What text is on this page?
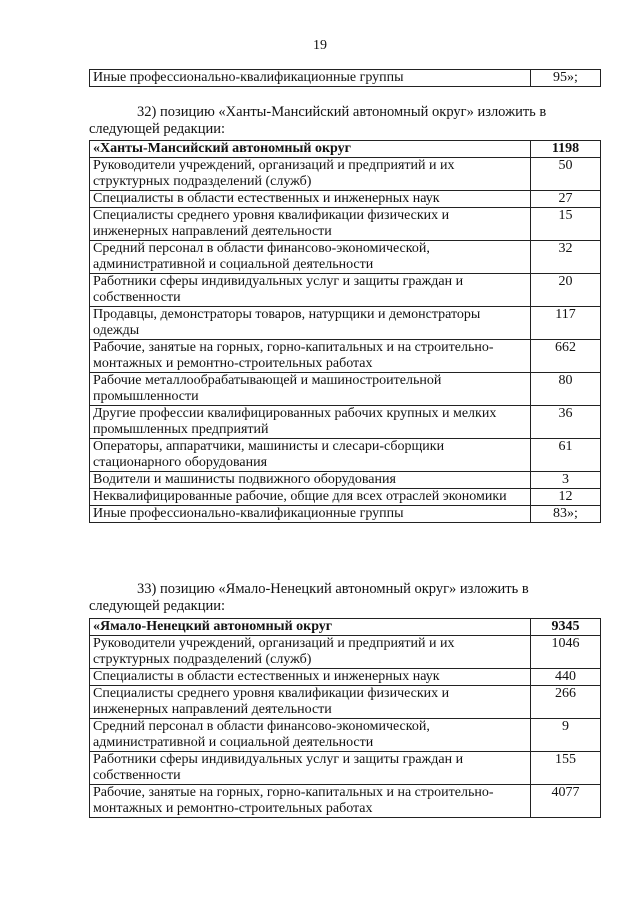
19
Иные профессионально-квалификационные группы	95»;
32) позицию «Ханты-Мансийский автономный округ» изложить в
следующей редакции:
«Ханты-Мансийский автономный округ	1198
Руководители учреждений, организаций и предприятий и их структурных подразделений (служб)	50
Специалисты в области естественных и инженерных наук	27
Специалисты среднего уровня квалификации физических и инженерных направлений деятельности	15
Средний персонал в области финансово-экономической, административной и социальной деятельности	32
Работники сферы индивидуальных услуг и защиты граждан и собственности	20
Продавцы, демонстраторы товаров, натурщики и демонстраторы одежды	117
Рабочие, занятые на горных, горно-капитальных и на строительно-монтажных и ремонтно-строительных работах	662
Рабочие металлообрабатывающей и машиностроительной промышленности	80
Другие профессии квалифицированных рабочих крупных и мелких промышленных предприятий	36
Операторы, аппаратчики, машинисты и слесари-сборщики стационарного оборудования	61
Водители и машинисты подвижного оборудования	3
Неквалифицированные рабочие, общие для всех отраслей экономики	12
Иные профессионально-квалификационные группы	83»;
33) позицию «Ямало-Ненецкий автономный округ» изложить в
следующей редакции:
«Ямало-Ненецкий автономный округ	9345
Руководители учреждений, организаций и предприятий и их структурных подразделений (служб)	1046
Специалисты в области естественных и инженерных наук	440
Специалисты среднего уровня квалификации физических и инженерных направлений деятельности	266
Средний персонал в области финансово-экономической, административной и социальной деятельности	9
Работники сферы индивидуальных услуг и защиты граждан и собственности	155
Рабочие, занятые на горных, горно-капитальных и на строительно-монтажных и ремонтно-строительных работах	4077
